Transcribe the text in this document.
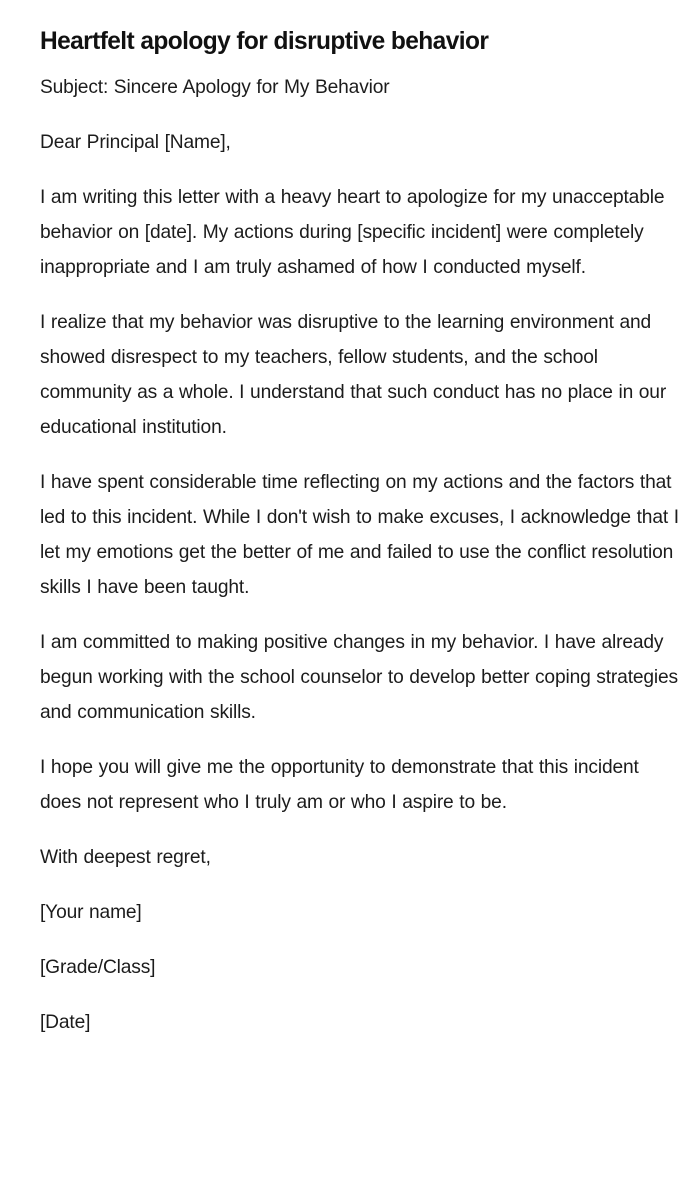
Heartfelt apology for disruptive behavior

Subject: Sincere Apology for My Behavior

Dear Principal [Name],

I am writing this letter with a heavy heart to apologize for my unacceptable behavior on [date]. My actions during [specific incident] were completely inappropriate and I am truly ashamed of how I conducted myself.

I realize that my behavior was disruptive to the learning environment and showed disrespect to my teachers, fellow students, and the school community as a whole. I understand that such conduct has no place in our educational institution.

I have spent considerable time reflecting on my actions and the factors that led to this incident. While I don't wish to make excuses, I acknowledge that I let my emotions get the better of me and failed to use the conflict resolution skills I have been taught.

I am committed to making positive changes in my behavior. I have already begun working with the school counselor to develop better coping strategies and communication skills.

I hope you will give me the opportunity to demonstrate that this incident does not represent who I truly am or who I aspire to be.

With deepest regret,

[Your name]

[Grade/Class]

[Date]
